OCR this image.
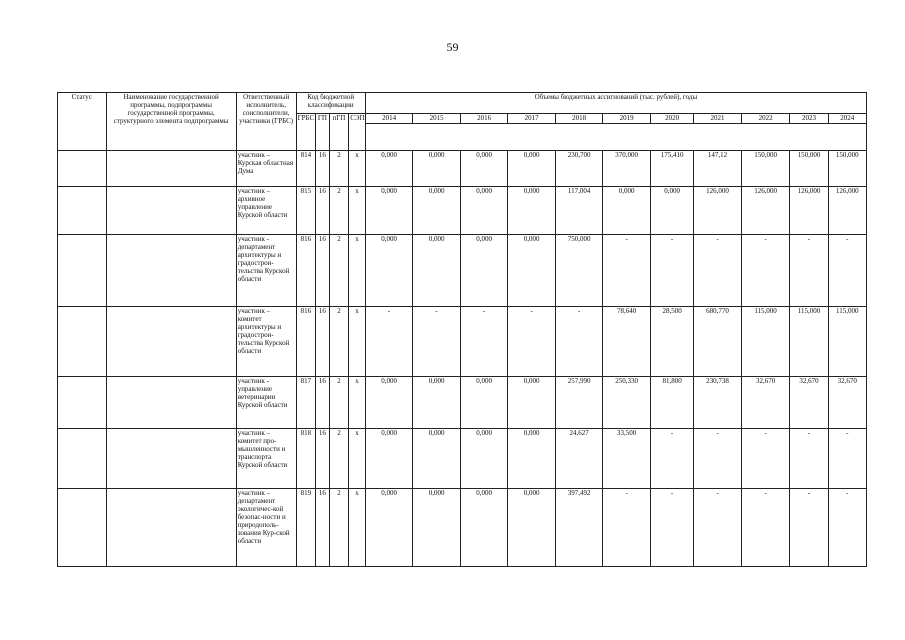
59
Статус	Наименование государственной программы, подпрограммы государственной программы, структурного элемента подпрограммы	Ответственный исполнитель, соисполнители, участники (ГРБС)	Код бюджетной классификации				Объемы бюджетных ассигнований (тыс. рублей), годы										
			ГРБС	ГП	пГП	СЭП	2014	2015	2016	2017	2018	2019	2020	2021	2022	2023	2024

		участник – Курская областная Дума	814	16	2	х	0,000	0,000	0,000	0,000	230,700	370,000	175,410	147,12	150,000	150,000	150,000
		участник – архивное управление Курской области	815	16	2	х	0,000	0,000	0,000	0,000	117,004	0,000	0,000	126,000	126,000	126,000	126,000
		участник - департамент архитектуры и градострои-тельства Курской области	816	16	2	х	0,000	0,000	0,000	0,000	750,000	-	-	-	-	-	-
		участник – комитет архитектуры и градострои-тельства Курской области	816	16	2	х	-	-	-	-	-	78,640	28,500	680,770	115,000	115,000	115,000
		участник - управление ветеринарии Курской области	817	16	2	х	0,000	0,000	0,000	0,000	257,990	250,330	81,800	230,738	32,670	32,670	32,670
		участник – комитет про-мышленности и транспорта Курской области	818	16	2	х	0,000	0,000	0,000	0,000	24,627	33,500	-	-	-	-	-
		участник – департамент экологичес-кой безопас-ности и природополь-зования Кур-ской области	819	16	2	х	0,000	0,000	0,000	0,000	397,492	-	-	-	-	-	-
